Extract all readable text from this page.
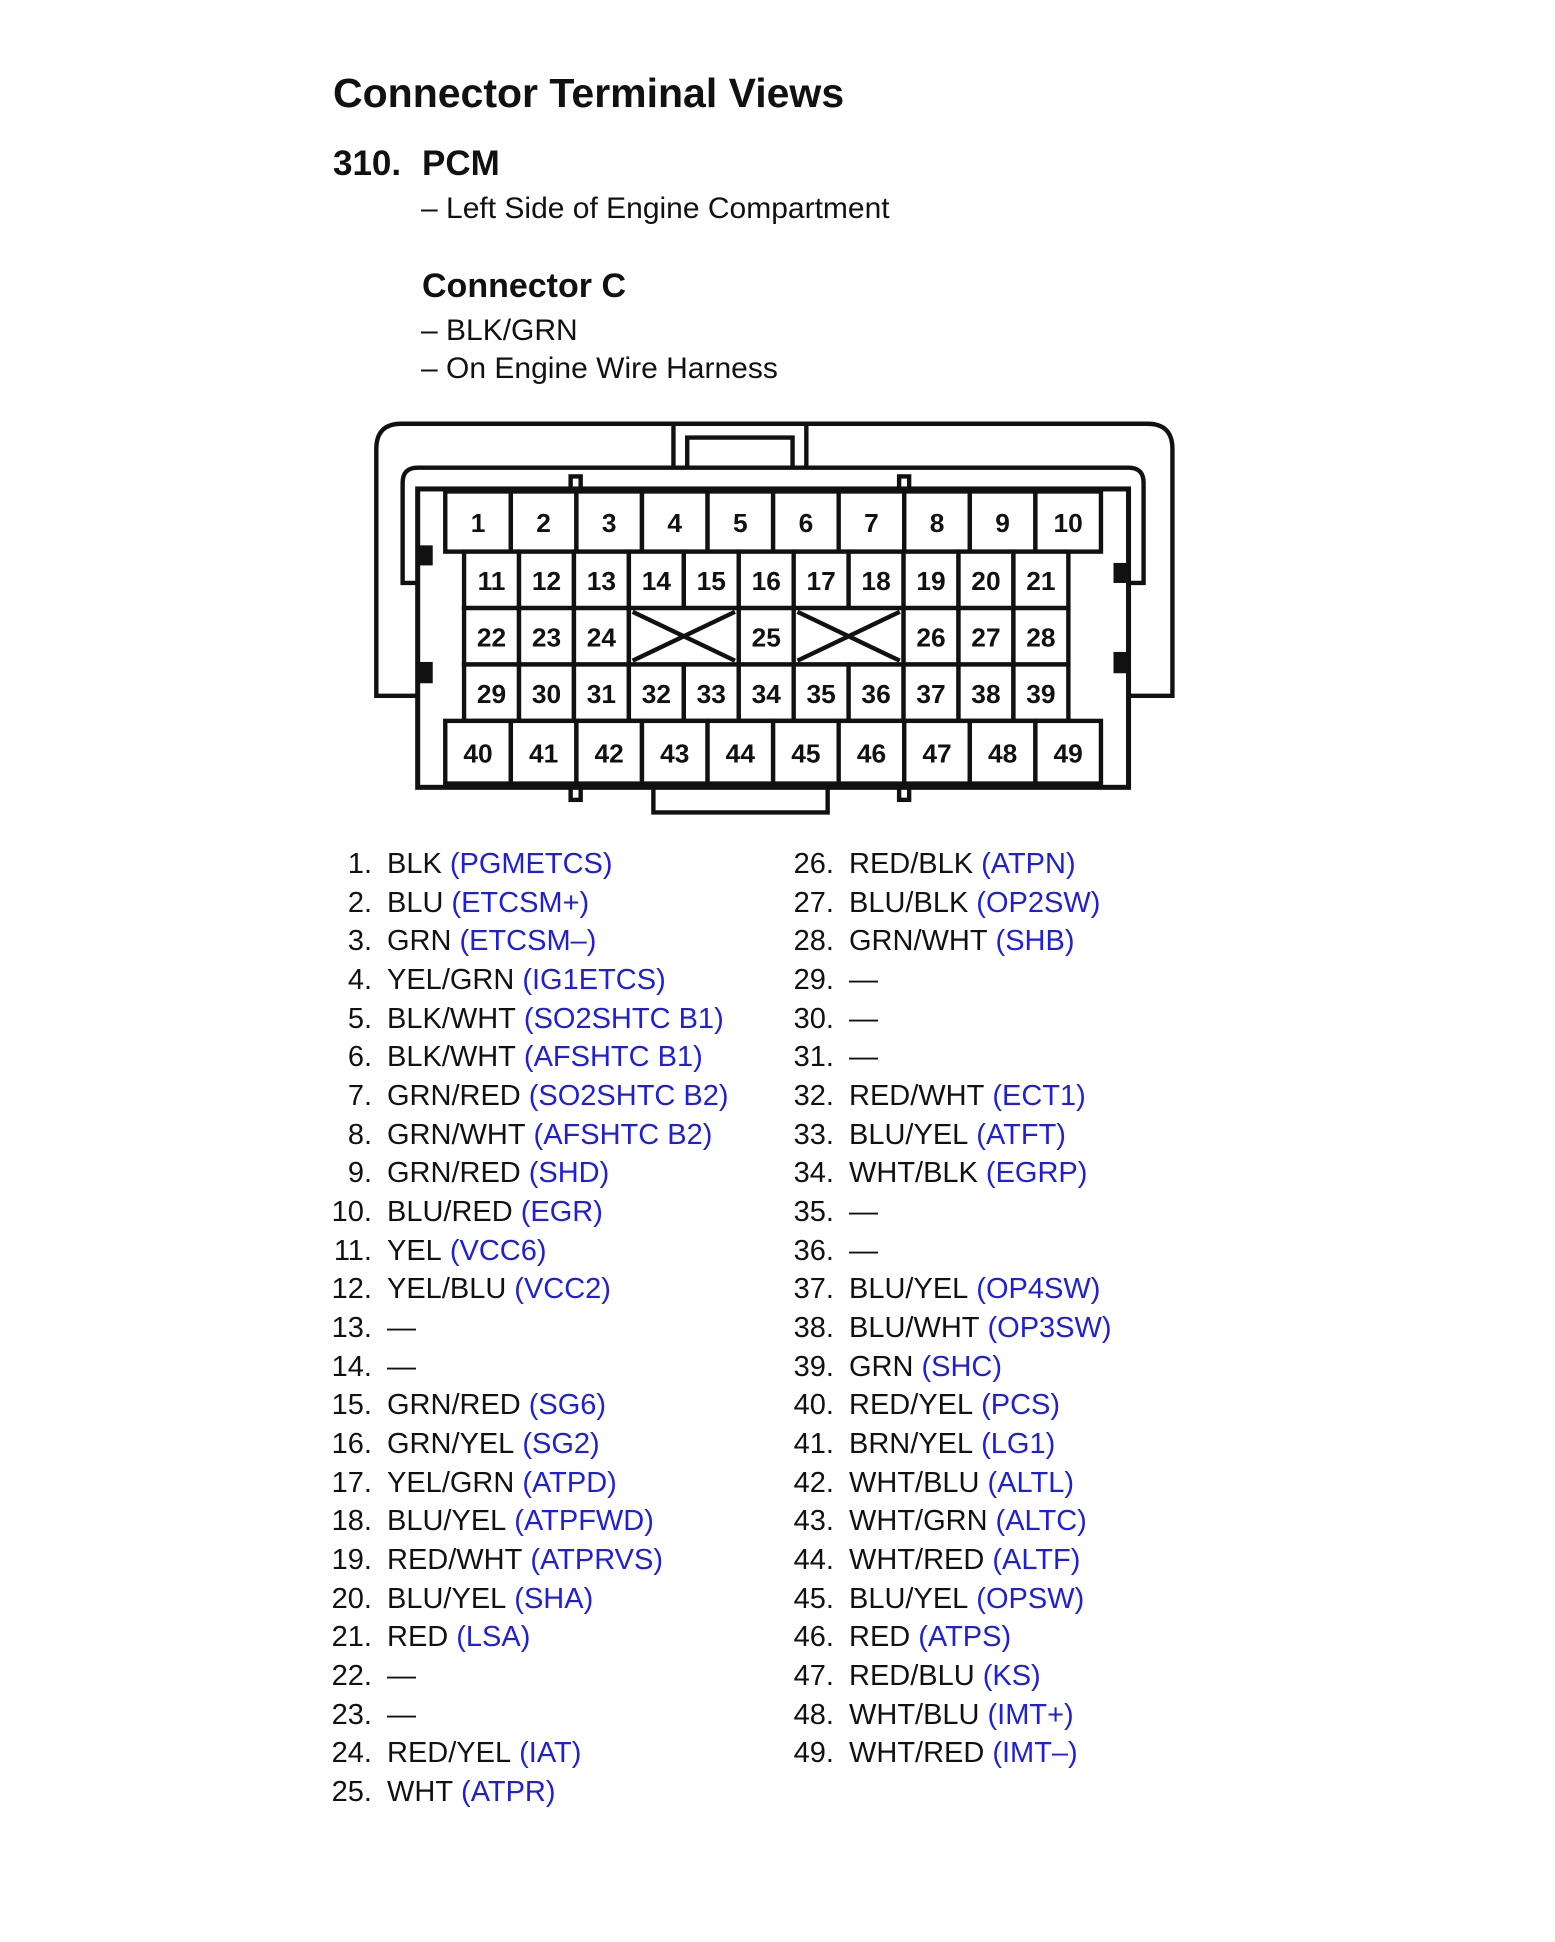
Connector Terminal Views
310. PCM
– Left Side of Engine Compartment
Connector C
– BLK/GRN
– On Engine Wire Harness
1 2 3 4 5 6 7 8 9 10
11 12 13 14 15 16 17 18 19 20 21
22 23 24	25	26 27 28
29 30 31 32 33 34 35 36 37 38 39
40 41 42 43 44 45 46 47 48 49
1. BLK (PGMETCS)
2. BLU (ETCSM+)
3. GRN (ETCSM–)
4. YEL/GRN (IG1ETCS)
5. BLK/WHT (SO2SHTC B1)
6. BLK/WHT (AFSHTC B1)
7. GRN/RED (SO2SHTC B2)
8. GRN/WHT (AFSHTC B2)
9. GRN/RED (SHD)
10. BLU/RED (EGR)
11. YEL (VCC6)
12. YEL/BLU (VCC2)
13. —
14. —
15. GRN/RED (SG6)
16. GRN/YEL (SG2)
17. YEL/GRN (ATPD)
18. BLU/YEL (ATPFWD)
19. RED/WHT (ATPRVS)
20. BLU/YEL (SHA)
21. RED (LSA)
22. —
23. —
24. RED/YEL (IAT)
25. WHT (ATPR)
26. RED/BLK (ATPN)
27. BLU/BLK (OP2SW)
28. GRN/WHT (SHB)
29. —
30. —
31. —
32. RED/WHT (ECT1)
33. BLU/YEL (ATFT)
34. WHT/BLK (EGRP)
35. —
36. —
37. BLU/YEL (OP4SW)
38. BLU/WHT (OP3SW)
39. GRN (SHC)
40. RED/YEL (PCS)
41. BRN/YEL (LG1)
42. WHT/BLU (ALTL)
43. WHT/GRN (ALTC)
44. WHT/RED (ALTF)
45. BLU/YEL (OPSW)
46. RED (ATPS)
47. RED/BLU (KS)
48. WHT/BLU (IMT+)
49. WHT/RED (IMT–)
